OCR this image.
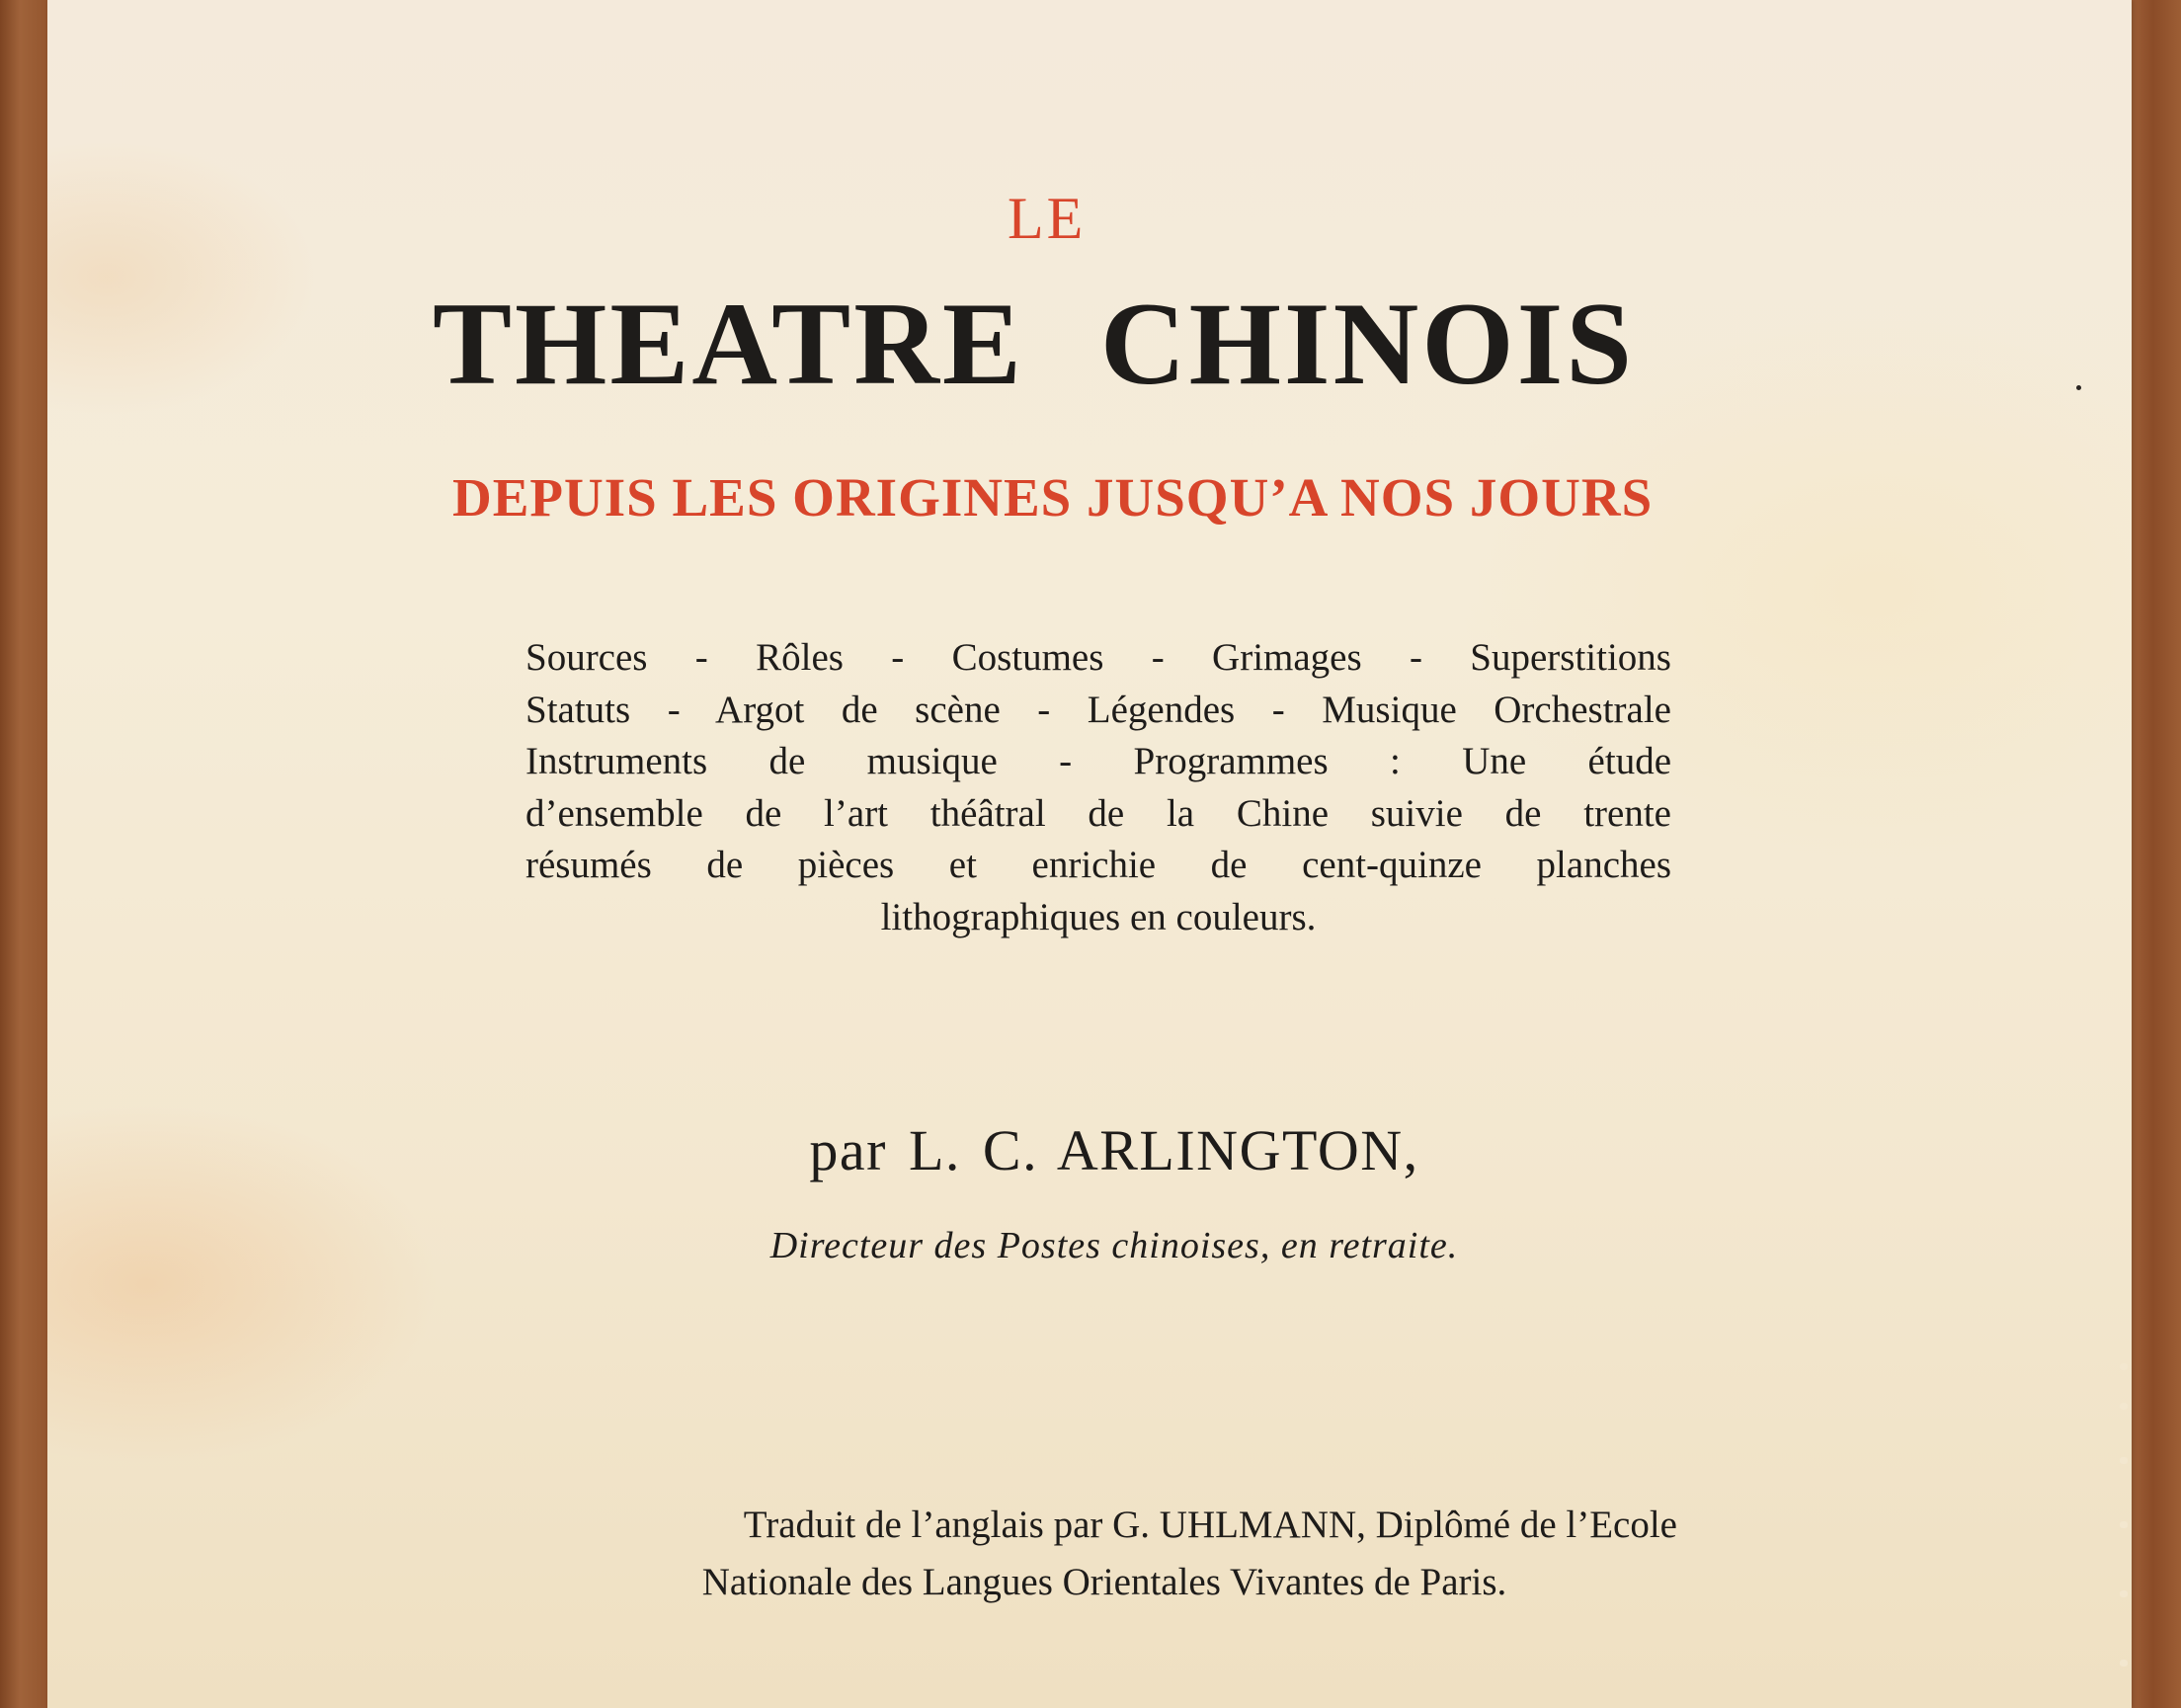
LE

THEATRE CHINOIS
DEPUIS LES ORIGINES JUSQU’A NOS JOURS
Sources - Rôles - Costumes - Grimages - Superstitions
Statuts - Argot de scène - Légendes - Musique Orchestrale
Instruments de musique - Programmes : Une étude
d’ensemble de l’art théâtral de la Chine suivie de trente
résumés de pièces et enrichie de cent-quinze planches
lithographiques en couleurs.

par L. C. ARLINGTON,

Directeur des Postes chinoises, en retraite.

Traduit de l’anglais par G. UHLMANN, Diplômé de l’Ecole
Nationale des Langues Orientales Vivantes de Paris.
